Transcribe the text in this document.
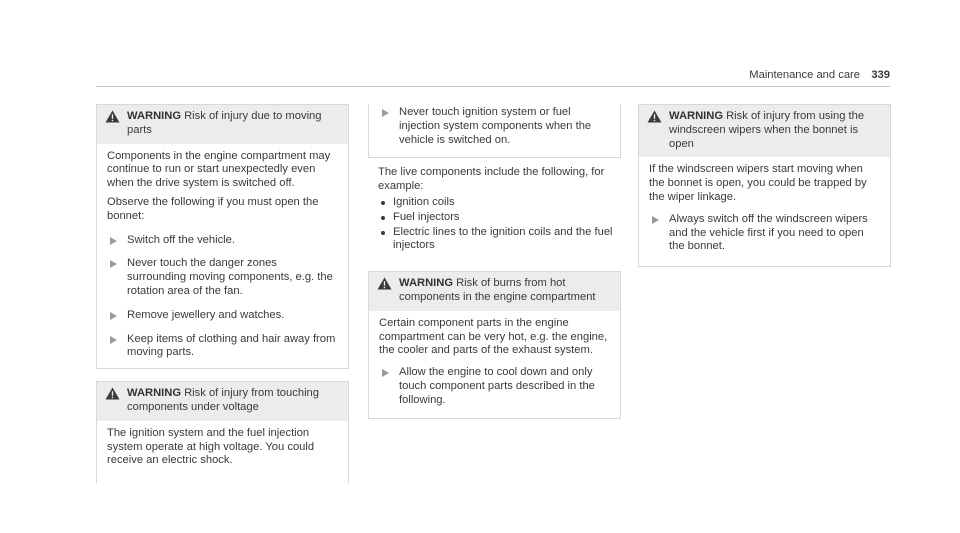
Maintenance and care 339
WARNING Risk of injury due to moving parts

Components in the engine compartment may continue to run or start unexpectedly even when the drive system is switched off.

Observe the following if you must open the bonnet:

Switch off the vehicle.
Never touch the danger zones surrounding moving components, e.g. the rotation area of the fan.
Remove jewellery and watches.
Keep items of clothing and hair away from moving parts.
WARNING Risk of injury from touching components under voltage

The ignition system and the fuel injection system operate at high voltage. You could receive an electric shock.

Never touch ignition system or fuel injection system components when the vehicle is switched on.

The live components include the following, for example:

Ignition coils
Fuel injectors
Electric lines to the ignition coils and the fuel injectors
WARNING Risk of burns from hot components in the engine compartment

Certain component parts in the engine compartment can be very hot, e.g. the engine, the cooler and parts of the exhaust system.

Allow the engine to cool down and only touch component parts described in the following.
WARNING Risk of injury from using the windscreen wipers when the bonnet is open

If the windscreen wipers start moving when the bonnet is open, you could be trapped by the wiper linkage.

Always switch off the windscreen wipers and the vehicle first if you need to open the bonnet.
